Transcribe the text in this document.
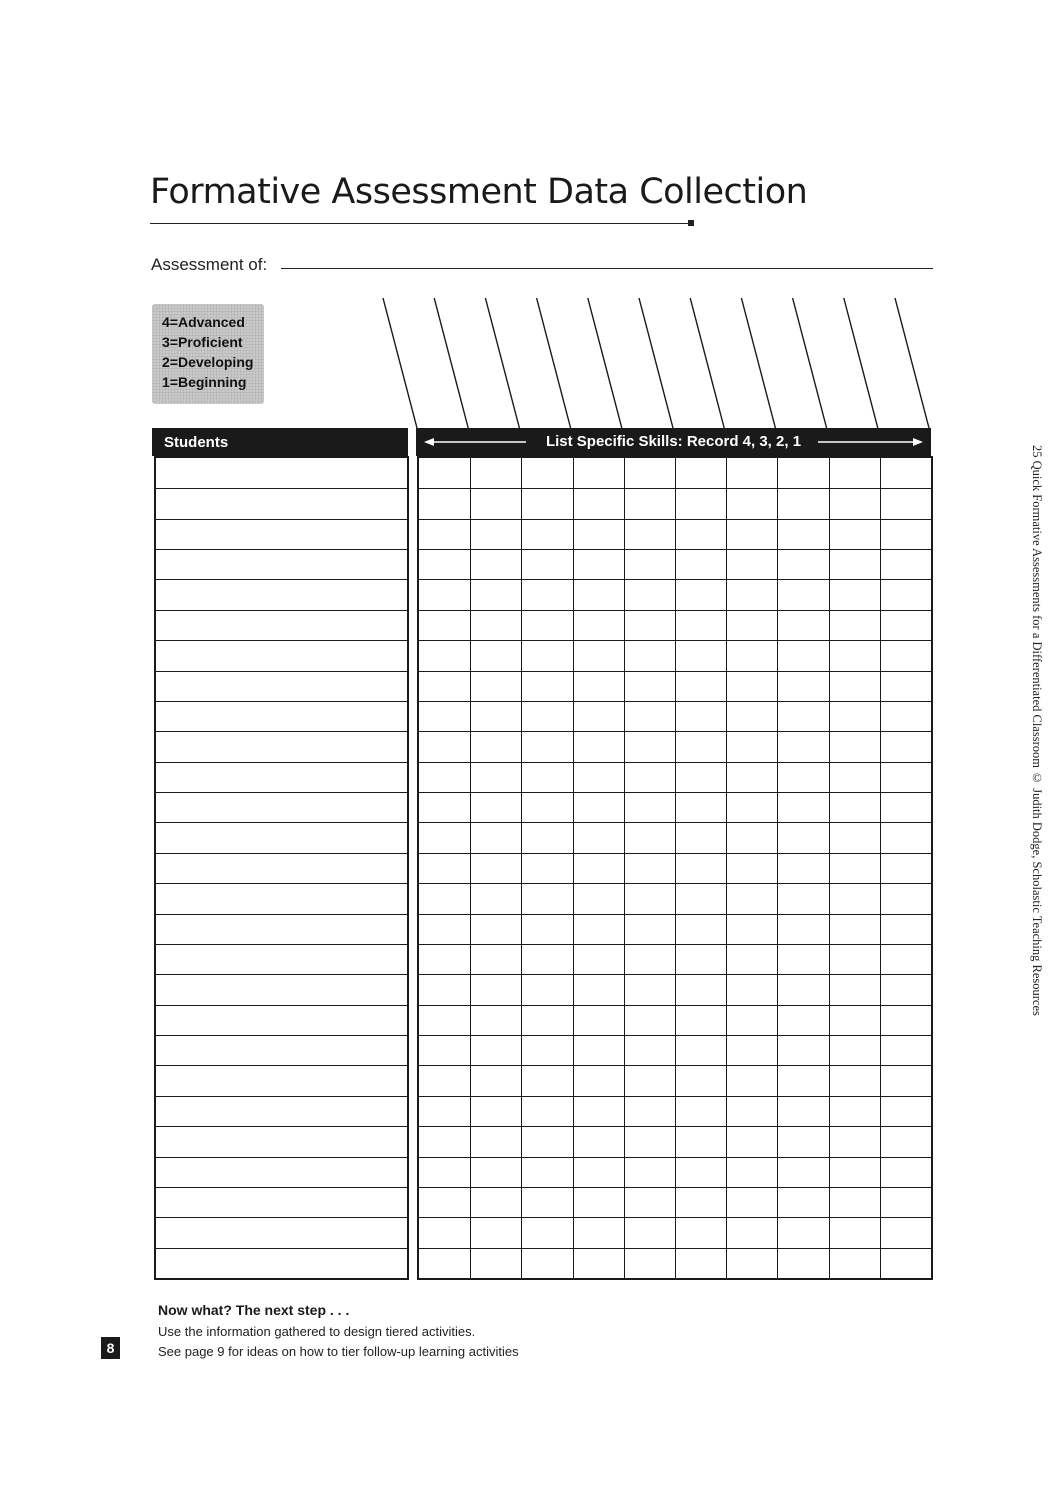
Formative Assessment Data Collection
Assessment of:
4=Advanced
3=Proficient
2=Developing
1=Beginning
Students	List Specific Skills: Record 4, 3, 2, 1
Now what? The next step . . .
Use the information gathered to design tiered activities.
See page 9 for ideas on how to tier follow-up learning activities
8
25 Quick Formative Assessments for a Differentiated Classroom © Judith Dodge, Scholastic Teaching Resources
